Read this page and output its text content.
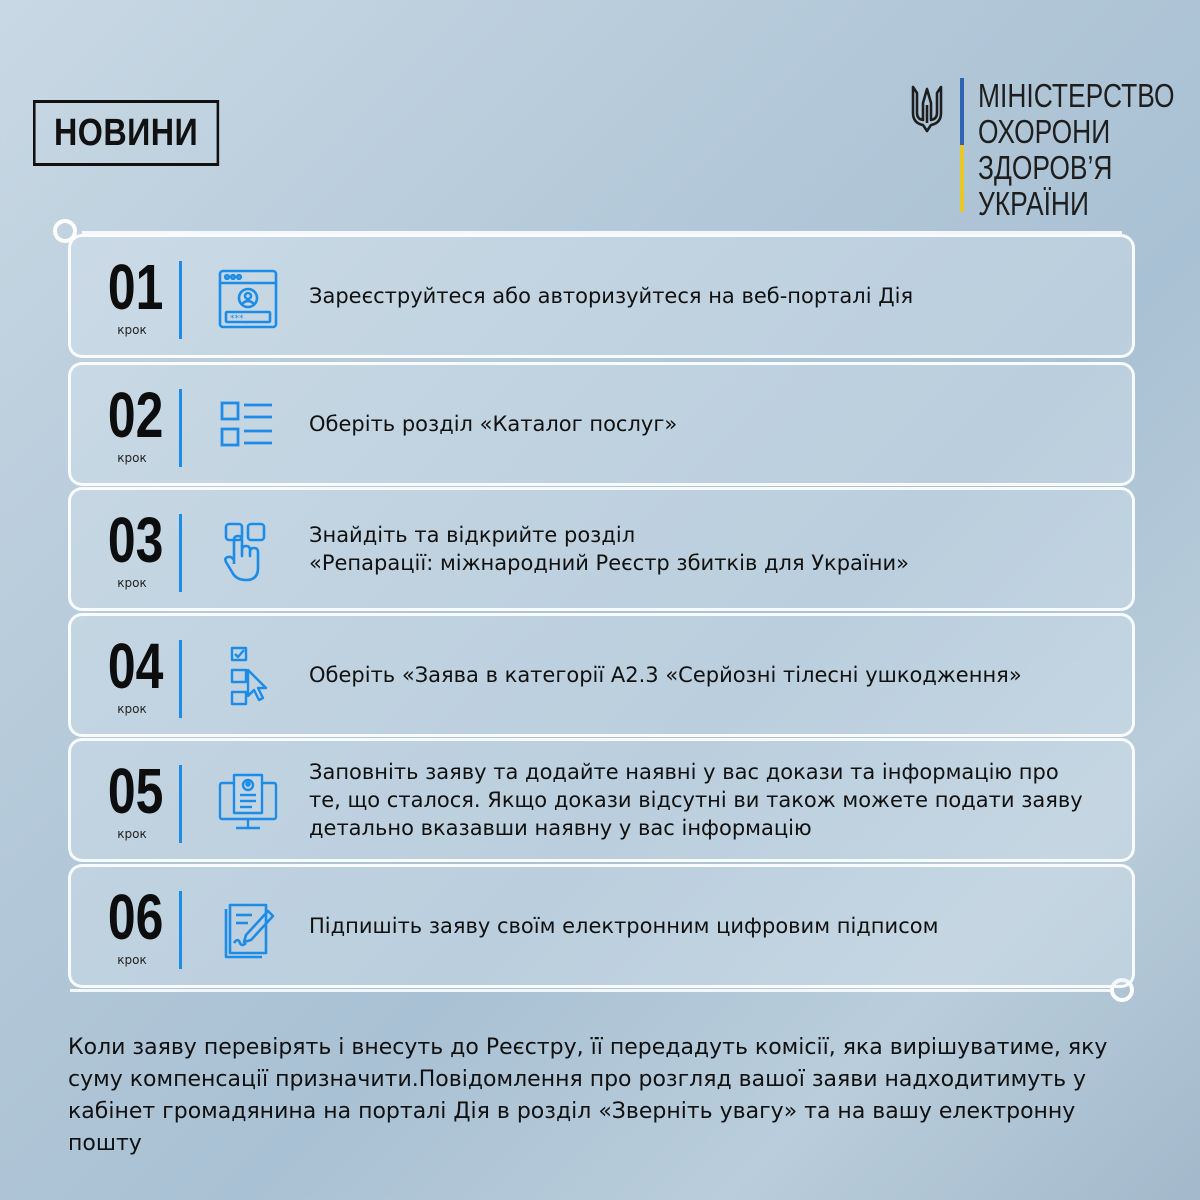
НОВИНИ
МІНІСТЕРСТВО
ОХОРОНИ
ЗДОРОВ’Я
УКРАЇНИ
01
крок
***_
Зареєструйтеся або авторизуйтеся на веб-порталі Дія
02
крок
Оберіть розділ «Каталог послуг»
03
крок
Знайдіть та відкрийте розділ
«Репарації: міжнародний Реєстр збитків для України»
04
крок
Оберіть «Заява в категорії А2.3 «Серйозні тілесні ушкодження»
05
крок
Заповніть заяву та додайте наявні у вас докази та інформацію про
те, що сталося. Якщо докази відсутні ви також можете подати заяву
детально вказавши наявну у вас інформацію
06
крок
Підпишіть заяву своїм електронним цифровим підписом
Коли заяву перевірять і внесуть до Реєстру, її передадуть комісії, яка вирішуватиме, яку суму компенсації призначити.Повідомлення про розгляд вашої заяви надходитимуть у кабінет громадянина на порталі Дія в розділ «Зверніть увагу» та на вашу електронну пошту
